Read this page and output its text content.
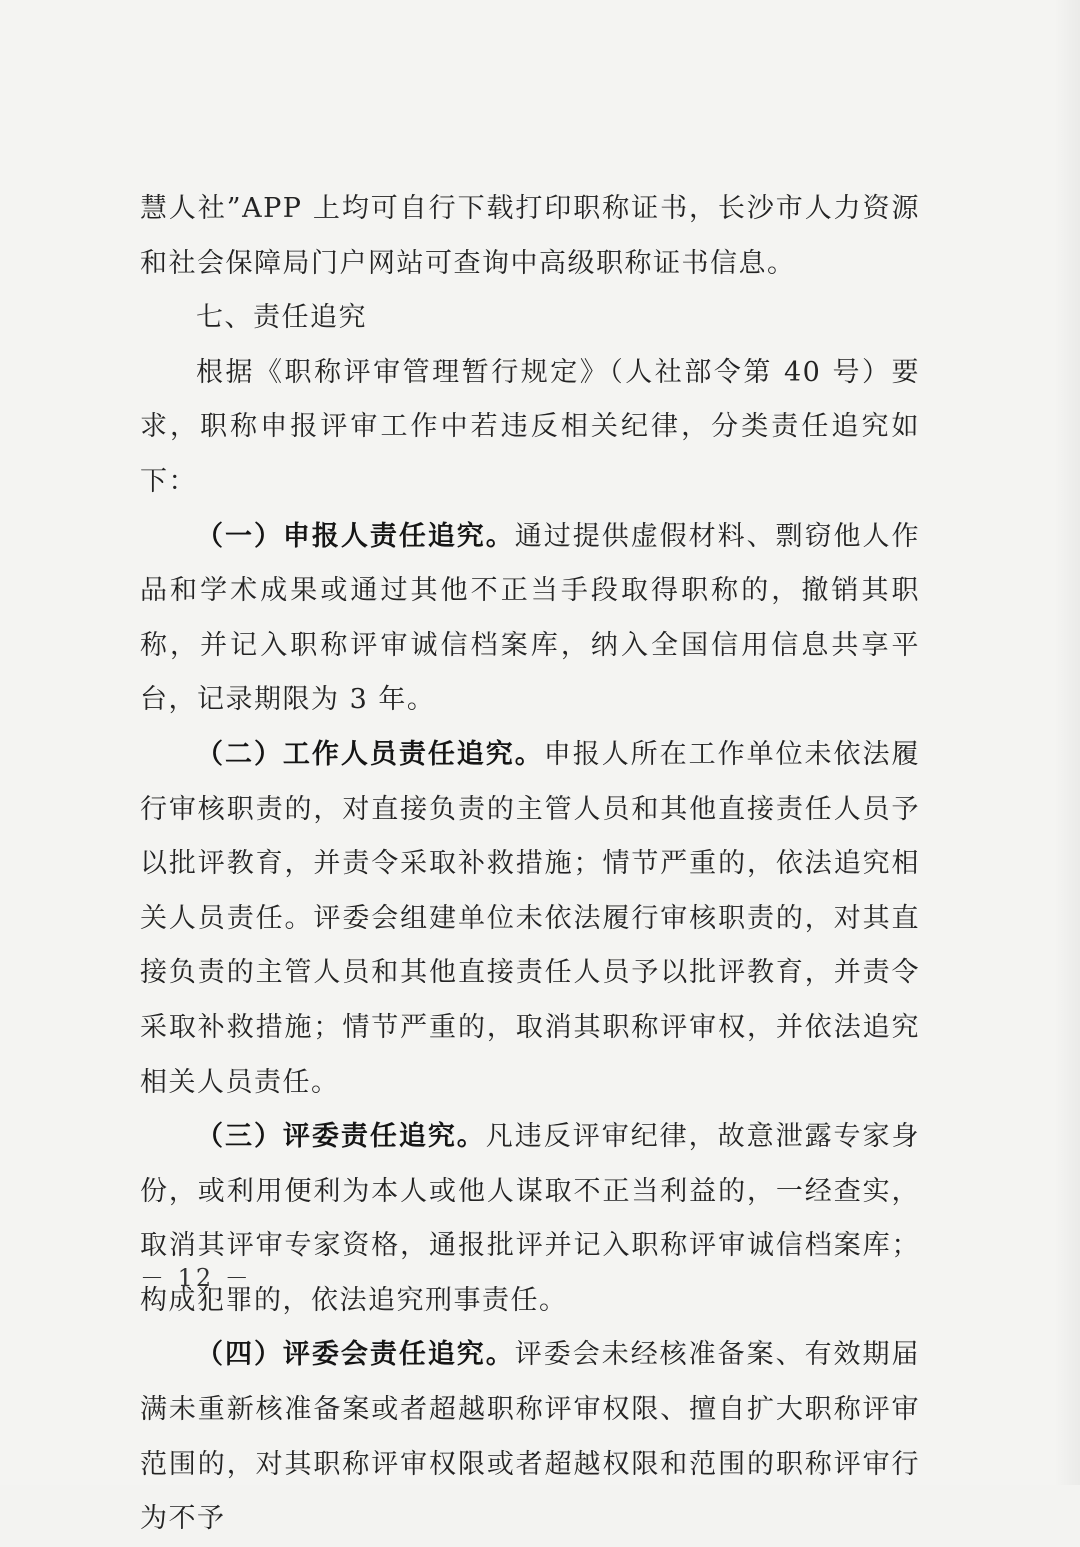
慧人社”APP 上均可自行下载打印职称证书，长沙市人力资源和社会保障局门户网站可查询中高级职称证书信息。

七、责任追究

根据《职称评审管理暂行规定》（人社部令第 40 号）要求，职称申报评审工作中若违反相关纪律，分类责任追究如下：

（一）申报人责任追究。通过提供虚假材料、剽窃他人作品和学术成果或通过其他不正当手段取得职称的，撤销其职称，并记入职称评审诚信档案库，纳入全国信用信息共享平台，记录期限为 3 年。

（二）工作人员责任追究。申报人所在工作单位未依法履行审核职责的，对直接负责的主管人员和其他直接责任人员予以批评教育，并责令采取补救措施；情节严重的，依法追究相关人员责任。评委会组建单位未依法履行审核职责的，对其直接负责的主管人员和其他直接责任人员予以批评教育，并责令采取补救措施；情节严重的，取消其职称评审权，并依法追究相关人员责任。

（三）评委责任追究。凡违反评审纪律，故意泄露专家身份，或利用便利为本人或他人谋取不正当利益的，一经查实，取消其评审专家资格，通报批评并记入职称评审诚信档案库；构成犯罪的，依法追究刑事责任。

（四）评委会责任追究。评委会未经核准备案、有效期届满未重新核准备案或者超越职称评审权限、擅自扩大职称评审范围的，对其职称评审权限或者超越权限和范围的职称评审行为不予

－ 12 －
